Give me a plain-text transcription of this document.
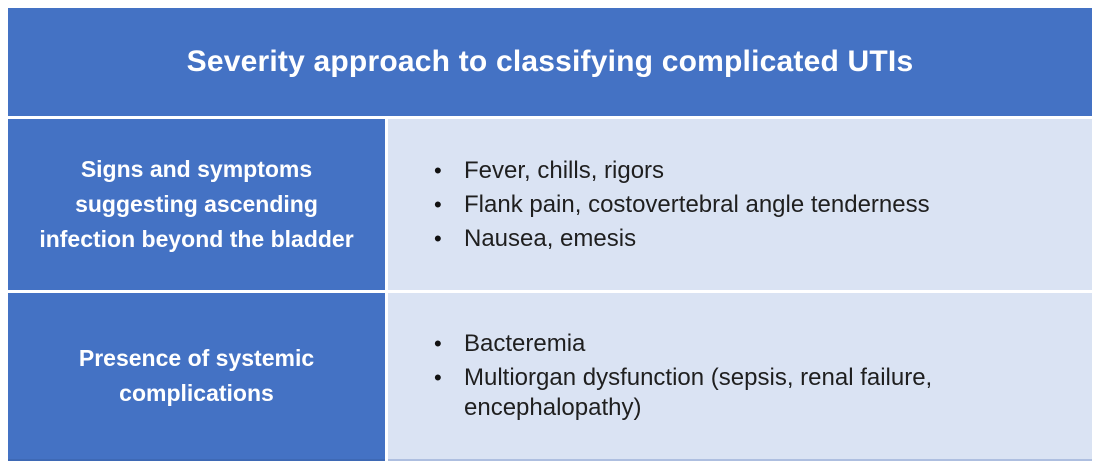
Severity approach to classifying complicated UTIs
Signs and symptoms suggesting ascending infection beyond the bladder
• Fever, chills, rigors
• Flank pain, costovertebral angle tenderness
• Nausea, emesis
Presence of systemic complications
• Bacteremia
• Multiorgan dysfunction (sepsis, renal failure, encephalopathy)
